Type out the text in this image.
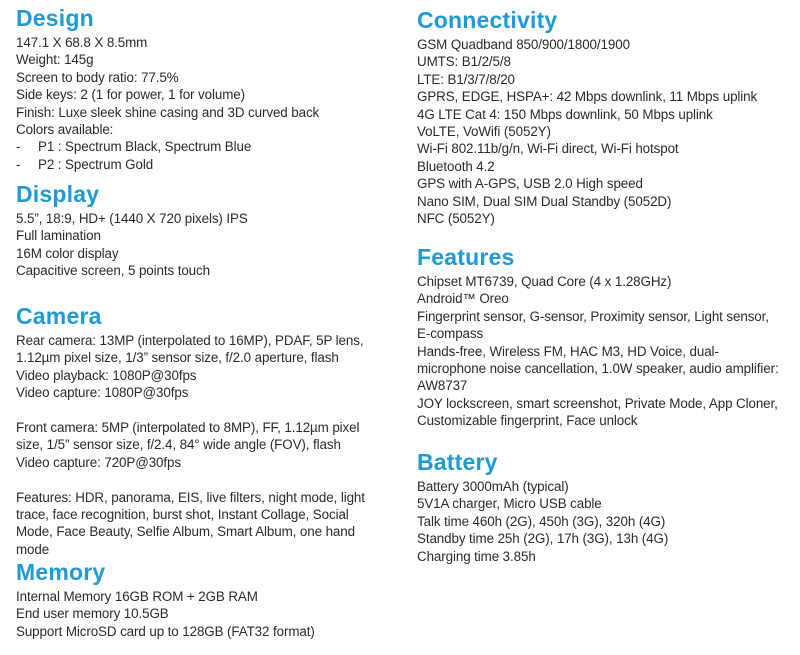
Design
147.1 X 68.8 X 8.5mm
Weight: 145g
Screen to body ratio: 77.5%
Side keys: 2 (1 for power, 1 for volume)
Finish: Luxe sleek shine casing and 3D curved back
Colors available:
-	P1 : Spectrum Black, Spectrum Blue
-	P2 : Spectrum Gold
Display
5.5”, 18:9, HD+ (1440 X 720 pixels) IPS
Full lamination
16M color display
Capacitive screen, 5 points touch
Camera
Rear camera: 13MP (interpolated to 16MP), PDAF, 5P lens,
1.12µm pixel size, 1/3” sensor size, f/2.0 aperture, flash
Video playback: 1080P@30fps
Video capture: 1080P@30fps
Front camera: 5MP (interpolated to 8MP), FF, 1.12µm pixel
size, 1/5” sensor size, f/2.4, 84° wide angle (FOV), flash
Video capture: 720P@30fps
Features: HDR, panorama, EIS, live filters, night mode, light
trace, face recognition, burst shot, Instant Collage, Social
Mode, Face Beauty, Selfie Album, Smart Album, one hand
mode
Memory
Internal Memory 16GB ROM + 2GB RAM
End user memory 10.5GB
Support MicroSD card up to 128GB (FAT32 format)
Connectivity
GSM Quadband 850/900/1800/1900
UMTS: B1/2/5/8
LTE: B1/3/7/8/20
GPRS, EDGE, HSPA+: 42 Mbps downlink, 11 Mbps uplink
4G LTE Cat 4: 150 Mbps downlink, 50 Mbps uplink
VoLTE, VoWifi (5052Y)
Wi-Fi 802.11b/g/n, Wi-Fi direct, Wi-Fi hotspot
Bluetooth 4.2
GPS with A-GPS, USB 2.0 High speed
Nano SIM, Dual SIM Dual Standby (5052D)
NFC (5052Y)
Features
Chipset MT6739, Quad Core (4 x 1.28GHz)
Android™ Oreo
Fingerprint sensor, G-sensor, Proximity sensor, Light sensor,
E-compass
Hands-free, Wireless FM, HAC M3, HD Voice, dual-
microphone noise cancellation, 1.0W speaker, audio amplifier:
AW8737
JOY lockscreen, smart screenshot, Private Mode, App Cloner,
Customizable fingerprint, Face unlock
Battery
Battery 3000mAh (typical)
5V1A charger, Micro USB cable
Talk time 460h (2G), 450h (3G), 320h (4G)
Standby time 25h (2G), 17h (3G), 13h (4G)
Charging time 3.85h
